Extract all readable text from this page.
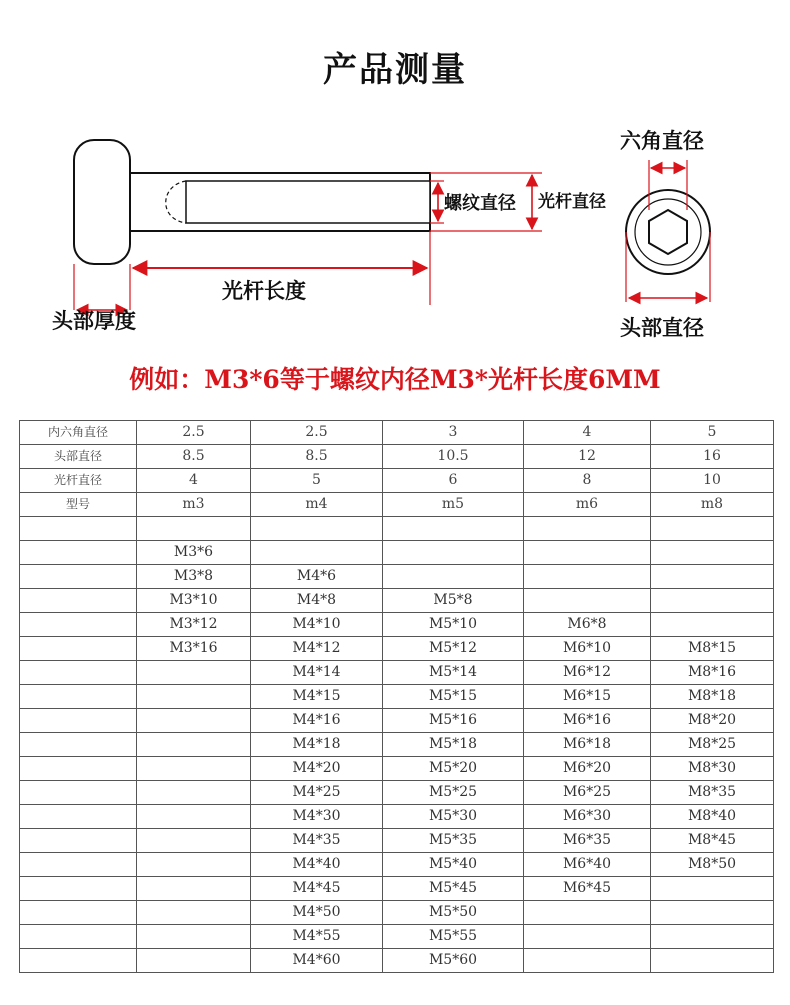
产品测量
螺纹直径 光杆直径
光杆长度
头部厚度
六角直径
头部直径
例如：M3*6等于螺纹内径M3*光杆长度6MM
内六角直径	2.5	2.5	3	4	5
头部直径	8.5	8.5	10.5	12	16
光杆直径	4	5	6	8	10
型号	m3	m4	m5	m6	m8

	M3*6				
	M3*8	M4*6			
	M3*10	M4*8	M5*8		
	M3*12	M4*10	M5*10	M6*8	
	M3*16	M4*12	M5*12	M6*10	M8*15
		M4*14	M5*14	M6*12	M8*16
		M4*15	M5*15	M6*15	M8*18
		M4*16	M5*16	M6*16	M8*20
		M4*18	M5*18	M6*18	M8*25
		M4*20	M5*20	M6*20	M8*30
		M4*25	M5*25	M6*25	M8*35
		M4*30	M5*30	M6*30	M8*40
		M4*35	M5*35	M6*35	M8*45
		M4*40	M5*40	M6*40	M8*50
		M4*45	M5*45	M6*45	
		M4*50	M5*50		
		M4*55	M5*55		
		M4*60	M5*60		
